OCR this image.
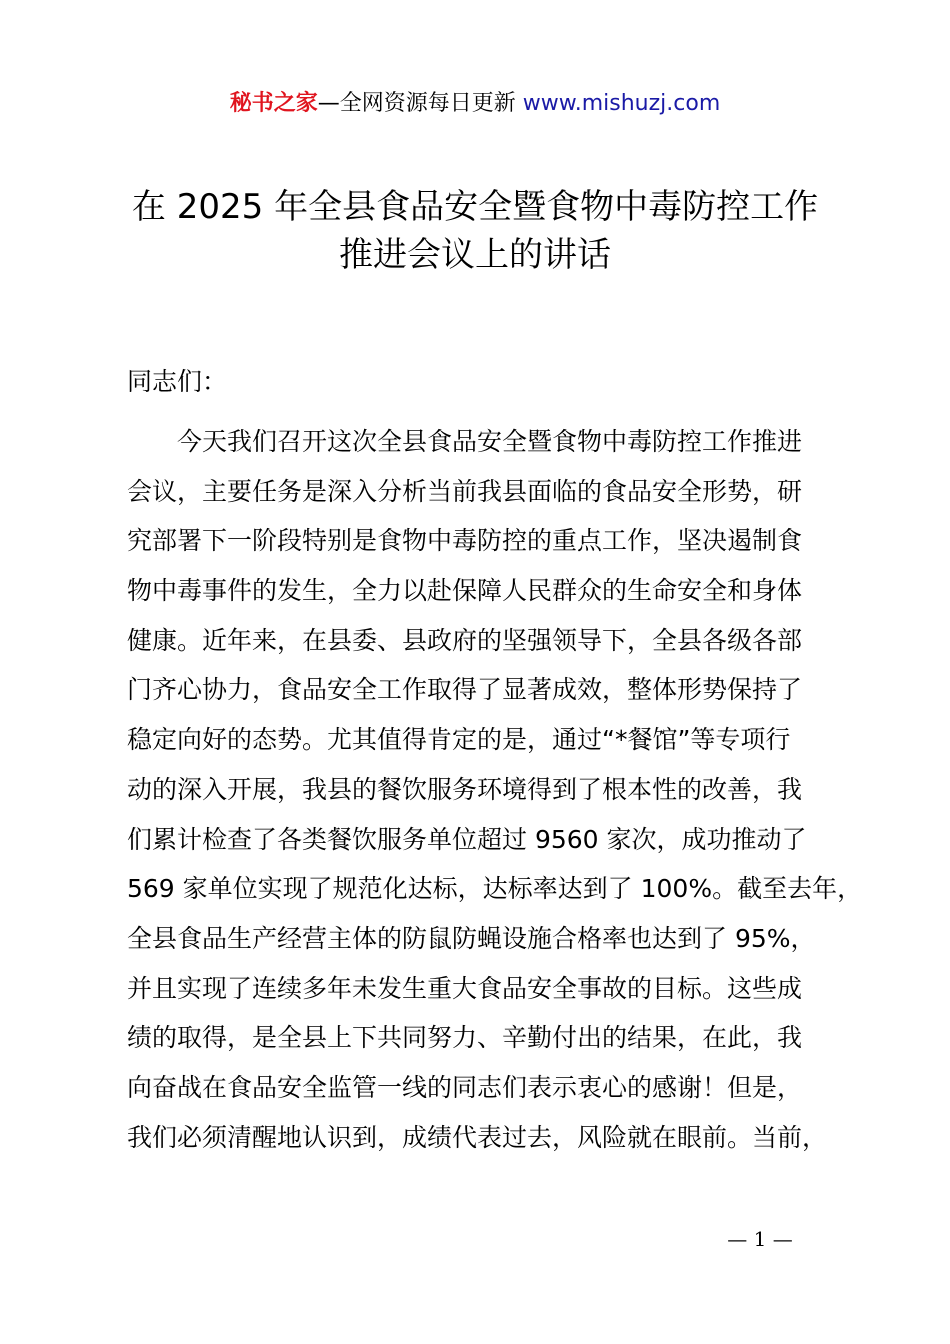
秘书之家—全网资源每日更新 www.mishuzj.com
在 2025 年全县食品安全暨食物中毒防控工作
推进会议上的讲话
同志们：
　　今天我们召开这次全县食品安全暨食物中毒防控工作推进
会议，主要任务是深入分析当前我县面临的食品安全形势，研
究部署下一阶段特别是食物中毒防控的重点工作，坚决遏制食
物中毒事件的发生，全力以赴保障人民群众的生命安全和身体
健康。近年来，在县委、县政府的坚强领导下，全县各级各部
门齐心协力，食品安全工作取得了显著成效，整体形势保持了
稳定向好的态势。尤其值得肯定的是，通过“*餐馆”等专项行
动的深入开展，我县的餐饮服务环境得到了根本性的改善，我
们累计检查了各类餐饮服务单位超过 9560 家次，成功推动了
569 家单位实现了规范化达标，达标率达到了 100%。截至去年，
全县食品生产经营主体的防鼠防蝇设施合格率也达到了 95%，
并且实现了连续多年未发生重大食品安全事故的目标。这些成
绩的取得，是全县上下共同努力、辛勤付出的结果，在此，我
向奋战在食品安全监管一线的同志们表示衷心的感谢！但是，
我们必须清醒地认识到，成绩代表过去，风险就在眼前。当前，
— 1 —
